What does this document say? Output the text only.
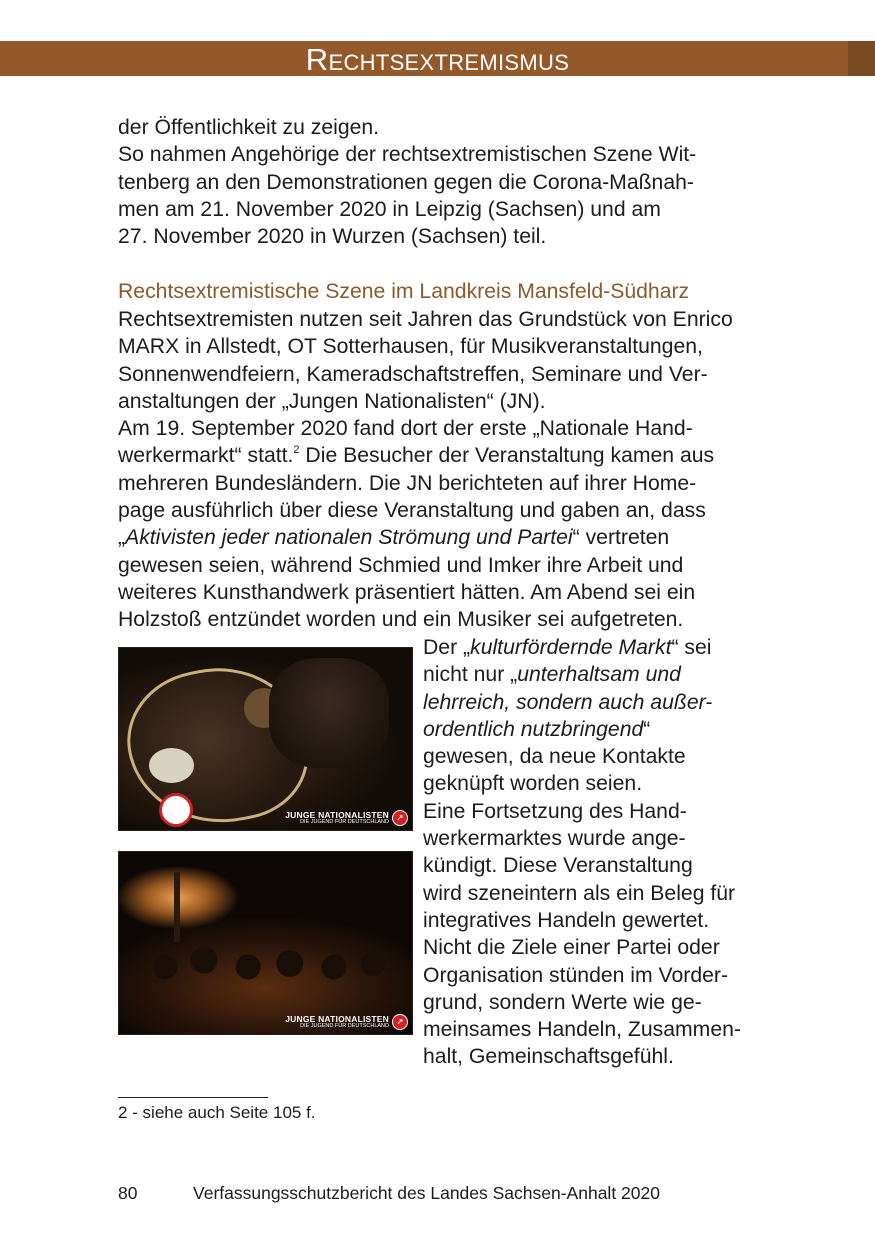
Rechtsextremismus
der Öffentlichkeit zu zeigen.
So nahmen Angehörige der rechtsextremistischen Szene Wit-
tenberg an den Demonstrationen gegen die Corona-Maßnah-
men am 21. November 2020 in Leipzig (Sachsen) und am
27. November 2020 in Wurzen (Sachsen) teil.
Rechtsextremistische Szene im Landkreis Mansfeld-Südharz
Rechtsextremisten nutzen seit Jahren das Grundstück von Enrico
MARX in Allstedt, OT Sotterhausen, für Musikveranstaltungen,
Sonnenwendfeiern, Kameradschaftstreffen, Seminare und Ver-
anstaltungen der „Jungen Nationalisten“ (JN).
Am 19. September 2020 fand dort der erste „Nationale Hand-
werkermarkt“ statt.$^2$ Die Besucher der Veranstaltung kamen aus
mehreren Bundesländern. Die JN berichteten auf ihrer Home-
page ausführlich über diese Veranstaltung und gaben an, dass
„Aktivisten jeder nationalen Strömung und Partei“ vertreten
gewesen seien, während Schmied und Imker ihre Arbeit und
weiteres Kunsthandwerk präsentiert hätten. Am Abend sei ein
Holzstoß entzündet worden und ein Musiker sei aufgetreten.
JUNGE NATIONALISTEN
DIE JUGEND FÜR DEUTSCHLAND ↗
JUNGE NATIONALISTEN
DIE JUGEND FÜR DEUTSCHLAND ↗
Der „kulturfördernde Markt“ sei
nicht nur „unterhaltsam und
lehrreich, sondern auch außer-
ordentlich nutzbringend“
gewesen, da neue Kontakte
geknüpft worden seien.
Eine Fortsetzung des Hand-
werkermarktes wurde ange-
kündigt. Diese Veranstaltung
wird szeneintern als ein Beleg für
integratives Handeln gewertet.
Nicht die Ziele einer Partei oder
Organisation stünden im Vorder-
grund, sondern Werte wie ge-
meinsames Handeln, Zusammen-
halt, Gemeinschaftsgefühl.

2 - siehe auch Seite 105 f.

80	Verfassungsschutzbericht des Landes Sachsen-Anhalt 2020
